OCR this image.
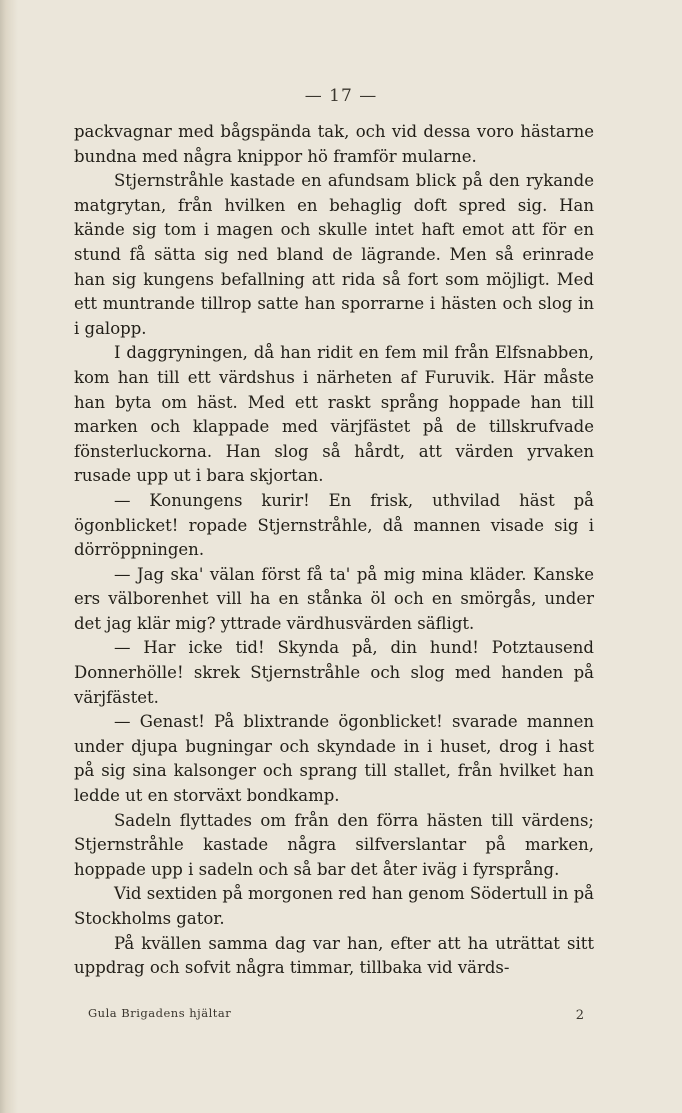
— 17 —

packvagnar med bågspända tak, och vid dessa voro hästarne bundna med några knippor hö framför mularne.

Stjernstråhle kastade en afundsam blick på den rykande matgrytan, från hvilken en behaglig doft spred sig. Han kände sig tom i magen och skulle intet haft emot att för en stund få sätta sig ned bland de lägrande. Men så erinrade han sig kungens befallning att rida så fort som möjligt. Med ett muntrande tillrop satte han sporrarne i hästen och slog in i galopp.

I daggryningen, då han ridit en fem mil från Elfsnabben, kom han till ett värdshus i närheten af Furuvik. Här måste han byta om häst. Med ett raskt språng hoppade han till marken och klappade med värjfästet på de tillskrufvade fönsterluckorna. Han slog så hårdt, att värden yrvaken rusade upp ut i bara skjortan.

— Konungens kurir! En frisk, uthvilad häst på ögonblicket! ropade Stjernstråhle, då mannen visade sig i dörröppningen.

— Jag ska' välan först få ta' på mig mina kläder. Kanske ers välborenhet vill ha en stånka öl och en smörgås, under det jag klär mig? yttrade värdhusvärden säfligt.

— Har icke tid! Skynda på, din hund! Potztausend Donnerhölle! skrek Stjernstråhle och slog med handen på värjfästet.

— Genast! På blixtrande ögonblicket! svarade mannen under djupa bugningar och skyndade in i huset, drog i hast på sig sina kalsonger och sprang till stallet, från hvilket han ledde ut en storväxt bondkamp.

Sadeln flyttades om från den förra hästen till värdens; Stjernstråhle kastade några silfverslantar på marken, hoppade upp i sadeln och så bar det åter iväg i fyrsprång.

Vid sextiden på morgonen red han genom Södertull in på Stockholms gator.

På kvällen samma dag var han, efter att ha uträttat sitt uppdrag och sofvit några timmar, tillbaka vid värds-

Gula Brigadens hjältar	2
